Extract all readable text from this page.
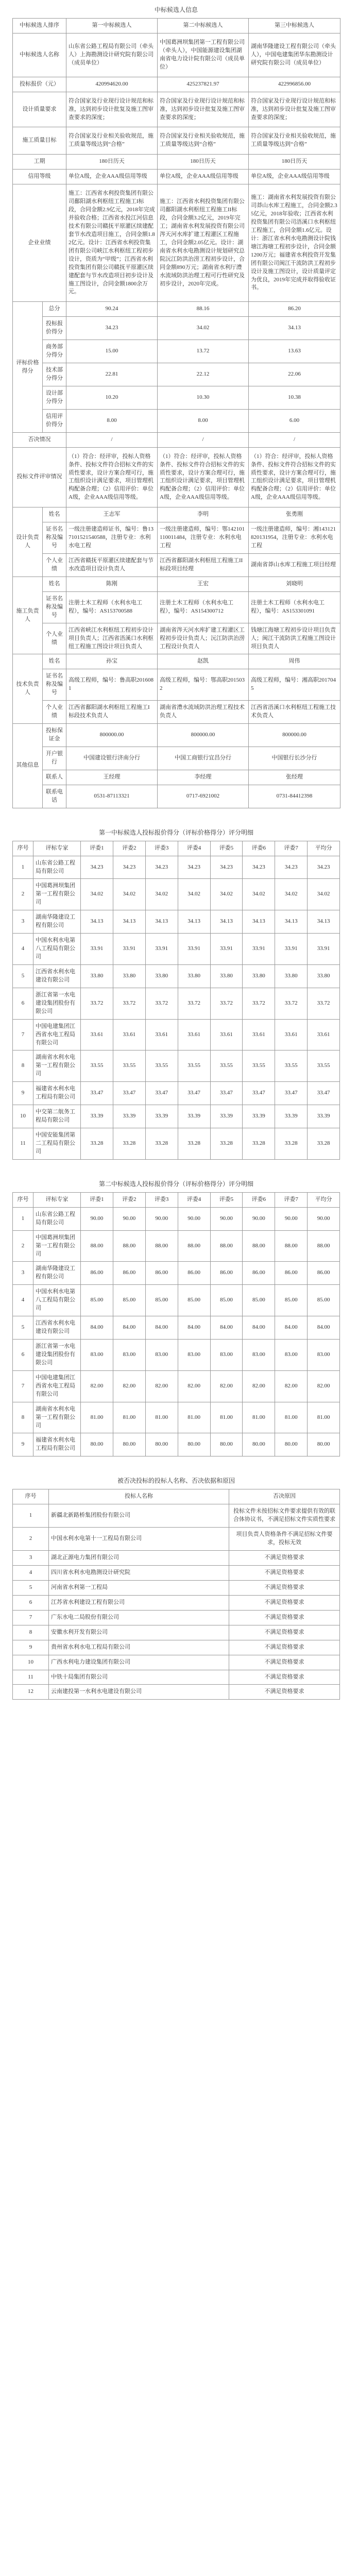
中标候选人信息
中标候选人排序		第一中标候选人	第二中标候选人	第三中标候选人
中标候选人名称		山东省公路工程局有限公司（牵头人）上海勘测设计研究院有限公司（成员单位）	中国葛洲坝集团第一工程有限公司（牵头人），中国能源建设集团湖南省电力设计院有限公司（成员单位）	湖南华隆建设工程有限公司（牵头人），中国电建集团华东勘测设计研究院有限公司（成员单位）
投标报价（元）		420994620.00	425237821.97	422996856.00
设计质量要求		符合国家及行业现行设计规范和标准，达到初步设计批复及施工图审查要求的深度；	符合国家及行业现行设计规范和标准，达到初步设计批复及施工图审查要求的深度；	符合国家及行业现行设计规范和标准，达到初步设计批复及施工图审查要求的深度；
施工质量目标		符合国家及行业相关验收规范，施工质量等级达到“合格”	符合国家及行业相关验收规范，施工质量等级达到“合格”	符合国家及行业相关验收规范，施工质量等级达到“合格”
工期		180日历天	180日历天	180日历天
信用等级		单位A级，企业AAA级信用等级	单位A级，企业AAA级信用等级	单位A级，企业AAA级信用等级
企业业绩		施工：江西省水利投资集团有限公司鄱阳湖水利枢纽工程施工I标段，合同金额2.9亿元，2018年完成并验收合格；江西省水投江河信息技术有限公司赣抚平原灌区续建配套节水改造项目施工，合同金额1.82亿元。设计：江西省水利投资集团有限公司峡江水利枢纽工程初步设计，资质为“甲级”；江西省水利投资集团有限公司赣抚平原灌区续建配套与节水改造项目初步设计及施工图设计，合同金额1800余万元。	施工：江西省水利投资集团有限公司鄱阳湖水利枢纽工程施工II标段，合同金额3.2亿元，2019年完工；湖南省水利发展投资有限公司涔天河水库扩建工程灌区工程施工，合同金额2.05亿元。设计：湖南省水利水电勘测设计规划研究总院沅江防洪治涝工程初步设计，合同金额890万元；湖南省水利厅澧水流域防洪治理工程可行性研究及初步设计，2020年完成。	施工：湖南省水利发展投资有限公司莽山水库工程施工，合同金额2.35亿元，2018年验收；江西省水利投资集团有限公司浯溪口水利枢纽工程施工，合同金额1.6亿元。设计：浙江省水利水电勘测设计院钱塘江海塘工程初步设计，合同金额1200万元；福建省水利投资开发集团有限公司闽江干流防洪工程初步设计及施工图设计，设计质量评定为优良，2019年完成并取得验收证书。
评标价格得分	总分	90.24	88.16	86.20
	投标报价得分	34.23	34.02	34.13
	商务部分得分	15.00	13.72	13.63
	技术部分得分	22.81	22.12	22.06
	设计部分得分	10.20	10.30	10.38
	信用评价得分	8.00	8.00	6.00
否决情况		/	/	/
投标文件评审情况		（1）符合：经评审，投标人资格条件、投标文件符合招标文件的实质性要求，设计方案合理可行，施工组织设计满足要求，项目管理机构配备合理；（2）信用评价：单位A级，企业AAA级信用等级。	（1）符合：经评审，投标人资格条件、投标文件符合招标文件的实质性要求，设计方案合理可行，施工组织设计满足要求，项目管理机构配备合理；（2）信用评价：单位A级，企业AAA级信用等级。	（1）符合：经评审，投标人资格条件、投标文件符合招标文件的实质性要求，设计方案合理可行，施工组织设计满足要求，项目管理机构配备合理；（2）信用评价：单位A级，企业AAA级信用等级。
设计负责人	姓名	王志军	李明	张勇刚
	证书名称及编号	一级注册建造师证书，编号：鲁137101521540588，注册专业：水利水电工程	一级注册建造师，编号：鄂142101110011484，注册专业：水利水电工程	一级注册建造师，编号：湘143121820131954，注册专业：水利水电工程
	个人业绩	江西省赣抚平原灌区续建配套与节水改造项目设计负责人	江西省鄱阳湖水利枢纽工程施工II标段项目经理	湖南省莽山水库工程施工项目经理
施工负责人	姓名	陈刚	王宏	刘晓明
	证书名称及编号	注册土木工程师（水利水电工程），编号：AS153700588	注册土木工程师（水利水电工程），编号：AS154300712	注册土木工程师（水利水电工程），编号：AS153301091
	个人业绩	江西省峡江水利枢纽工程初步设计项目负责人；江西省浯溪口水利枢纽工程施工图设计项目负责人	湖南省涔天河水库扩建工程灌区工程初步设计负责人；沅江防洪治涝工程设计负责人	钱塘江海塘工程初步设计项目负责人；闽江干流防洪工程施工图设计项目负责人
技术负责人	姓名	孙宝	赵凯	周伟
	证书名称及编号	高级工程师，编号：鲁高职2016081	高级工程师，编号：鄂高职2015032	高级工程师，编号：湘高职2017045
	个人业绩	江西省鄱阳湖水利枢纽工程施工I标段技术负责人	湖南省澧水流域防洪治理工程技术负责人	江西省浯溪口水利枢纽工程施工技术负责人
其他信息	投标保证金	800000.00	800000.00	800000.00
	开户银行	中国建设银行济南分行	中国工商银行宜昌分行	中国银行长沙分行
	联系人	王经理	李经理	张经理
	联系电话	0531-87113321	0717-6921002	0731-84412398
第一中标候选人投标报价得分（评标价格得分）评分明细
序号	评标专家	评委1	评委2	评委3	评委4	评委5	评委6	评委7	平均分
1	山东省公路工程局有限公司	34.23	34.23	34.23	34.23	34.23	34.23	34.23	34.23
2	中国葛洲坝集团第一工程有限公司	34.02	34.02	34.02	34.02	34.02	34.02	34.02	34.02
3	湖南华隆建设工程有限公司	34.13	34.13	34.13	34.13	34.13	34.13	34.13	34.13
4	中国水利水电第八工程局有限公司	33.91	33.91	33.91	33.91	33.91	33.91	33.91	33.91
5	江西省水利水电建设有限公司	33.80	33.80	33.80	33.80	33.80	33.80	33.80	33.80
6	浙江省第一水电建设集团股份有限公司	33.72	33.72	33.72	33.72	33.72	33.72	33.72	33.72
7	中国电建集团江西省水电工程局有限公司	33.61	33.61	33.61	33.61	33.61	33.61	33.61	33.61
8	湖南省水利水电第一工程有限公司	33.55	33.55	33.55	33.55	33.55	33.55	33.55	33.55
9	福建省水利水电工程局有限公司	33.47	33.47	33.47	33.47	33.47	33.47	33.47	33.47
10	中交第二航务工程局有限公司	33.39	33.39	33.39	33.39	33.39	33.39	33.39	33.39
11	中国安能集团第二工程局有限公司	33.28	33.28	33.28	33.28	33.28	33.28	33.28	33.28
第二中标候选人投标报价得分（评标价格得分）评分明细
序号	评标专家	评委1	评委2	评委3	评委4	评委5	评委6	评委7	平均分
1	山东省公路工程局有限公司	90.00	90.00	90.00	90.00	90.00	90.00	90.00	90.00
2	中国葛洲坝集团第一工程有限公司	88.00	88.00	88.00	88.00	88.00	88.00	88.00	88.00
3	湖南华隆建设工程有限公司	86.00	86.00	86.00	86.00	86.00	86.00	86.00	86.00
4	中国水利水电第八工程局有限公司	85.00	85.00	85.00	85.00	85.00	85.00	85.00	85.00
5	江西省水利水电建设有限公司	84.00	84.00	84.00	84.00	84.00	84.00	84.00	84.00
6	浙江省第一水电建设集团股份有限公司	83.00	83.00	83.00	83.00	83.00	83.00	83.00	83.00
7	中国电建集团江西省水电工程局有限公司	82.00	82.00	82.00	82.00	82.00	82.00	82.00	82.00
8	湖南省水利水电第一工程有限公司	81.00	81.00	81.00	81.00	81.00	81.00	81.00	81.00
9	福建省水利水电工程局有限公司	80.00	80.00	80.00	80.00	80.00	80.00	80.00	80.00
被否决投标的投标人名称、否决依据和原因
序号	投标人名称	否决原因
1	新疆北新路桥集团股份有限公司	投标文件未按招标文件要求提供有效的联合体协议书，不满足招标文件实质性要求
2	中国水利水电第十一工程局有限公司	项目负责人资格条件不满足招标文件要求，投标无效
3	湖北正源电力集团有限公司	不满足资格要求
4	四川省水利水电勘测设计研究院	不满足资格要求
5	河南省水利第一工程局	不满足资格要求
6	江苏省水利建设工程有限公司	不满足资格要求
7	广东水电二局股份有限公司	不满足资格要求
8	安徽水利开发有限公司	不满足资格要求
9	贵州省水利水电工程局有限公司	不满足资格要求
10	广西水利电力建设集团有限公司	不满足资格要求
11	中铁十局集团有限公司	不满足资格要求
12	云南建投第一水利水电建设有限公司	不满足资格要求
